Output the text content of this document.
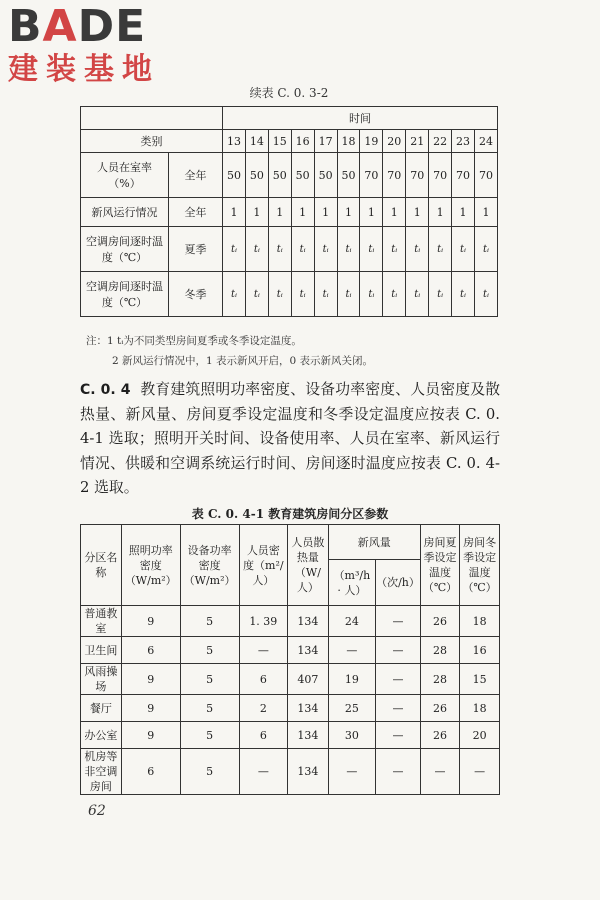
BADE
建装基地
续表 C. 0. 3-2
		时间											
类别		13	14	15	16	17	18	19	20	21	22	23	24
人员在室率（%）	全年	50	50	50	50	50	50	70	70	70	70	70	70
新风运行情况	全年	1	1	1	1	1	1	1	1	1	1	1	1
空调房间逐时温度（℃）	夏季	tᵢ	tᵢ	tᵢ	tᵢ	tᵢ	tᵢ	tᵢ	tᵢ	tᵢ	tᵢ	tᵢ	tᵢ
空调房间逐时温度（℃）	冬季	tᵢ	tᵢ	tᵢ	tᵢ	tᵢ	tᵢ	tᵢ	tᵢ	tᵢ	tᵢ	tᵢ	tᵢ
注：1 tᵢ为不同类型房间夏季或冬季设定温度。
2 新风运行情况中，1 表示新风开启，0 表示新风关闭。
C. 0. 4 教育建筑照明功率密度、设备功率密度、人员密度及散热量、新风量、房间夏季设定温度和冬季设定温度应按表 C. 0. 4-1 选取；照明开关时间、设备使用率、人员在室率、新风运行情况、供暖和空调系统运行时间、房间逐时温度应按表 C. 0. 4-2 选取。
表 C. 0. 4-1 教育建筑房间分区参数
分区名称	照明功率密度（W/m²）	设备功率密度（W/m²）	人员密度（m²/人）	人员散热量（W/人）	新风量		房间夏季设定温度（℃）	房间冬季设定温度（℃）
					（m³/h · 人）	（次/h）		
普通教室	9	5	1. 39	134	24	—	26	18
卫生间	6	5	—	134	—	—	28	16
风雨操场	9	5	6	407	19	—	28	15
餐厅	9	5	2	134	25	—	26	18
办公室	9	5	6	134	30	—	26	20
机房等非空调房间	6	5	—	134	—	—	—	—
62
